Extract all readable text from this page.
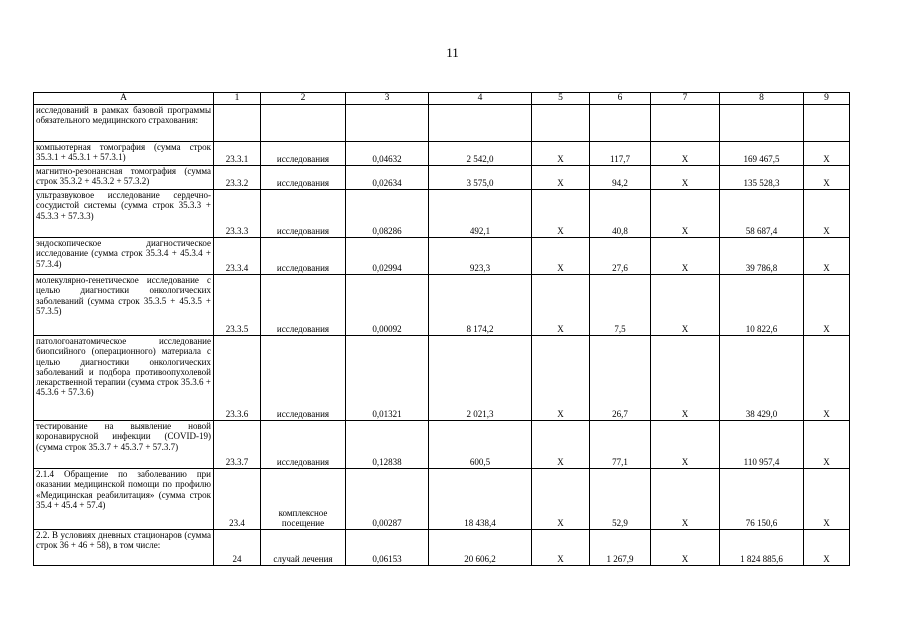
11
А	1	2	3	4	5	6	7	8	9
исследований в рамках базовой программы обязательного медицинского страхования:									
компьютерная томография (сумма строк 35.3.1 + 45.3.1 + 57.3.1)	23.3.1	исследования	0,04632	2 542,0	Х	117,7	Х	169 467,5	Х
магнитно-резонансная томография (сумма строк 35.3.2 + 45.3.2 + 57.3.2)	23.3.2	исследования	0,02634	3 575,0	Х	94,2	Х	135 528,3	Х
ультразвуковое исследование сердечно-сосудистой системы (сумма строк 35.3.3 + 45.3.3 + 57.3.3)	23.3.3	исследования	0,08286	492,1	Х	40,8	Х	58 687,4	Х
эндоскопическое диагностическое исследование (сумма строк 35.3.4 + 45.3.4 + 57.3.4)	23.3.4	исследования	0,02994	923,3	Х	27,6	Х	39 786,8	Х
молекулярно-генетическое исследование с целью диагностики онкологических заболеваний (сумма строк 35.3.5 + 45.3.5 + 57.3.5)	23.3.5	исследования	0,00092	8 174,2	Х	7,5	Х	10 822,6	Х
патологоанатомическое исследование биопсийного (операционного) материала с целью диагностики онкологических заболеваний и подбора противоопухолевой лекарственной терапии (сумма строк 35.3.6 + 45.3.6 + 57.3.6)	23.3.6	исследования	0,01321	2 021,3	Х	26,7	Х	38 429,0	Х
тестирование на выявление новой коронавирусной инфекции (COVID-19) (сумма строк 35.3.7 + 45.3.7 + 57.3.7)	23.3.7	исследования	0,12838	600,5	Х	77,1	Х	110 957,4	Х
2.1.4 Обращение по заболеванию при оказании медицинской помощи по профилю «Медицинская реабилитация» (сумма строк 35.4 + 45.4 + 57.4)	23.4	комплексное посещение	0,00287	18 438,4	Х	52,9	Х	76 150,6	Х
2.2. В условиях дневных стационаров (сумма строк 36 + 46 + 58), в том числе:	24	случай лечения	0,06153	20 606,2	Х	1 267,9	Х	1 824 885,6	Х
